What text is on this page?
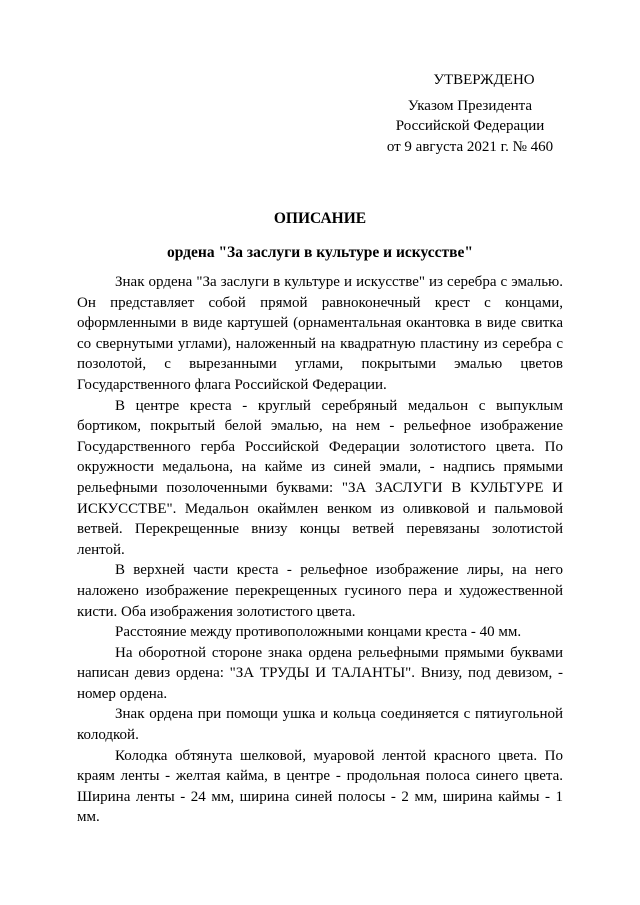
УТВЕРЖДЕНО
Указом Президента
Российской Федерации
от 9 августа 2021 г. № 460
ОПИСАНИЕ
ордена "За заслуги в культуре и искусстве"

Знак ордена "За заслуги в культуре и искусстве" из серебра с эмалью. Он представляет собой прямой равноконечный крест с концами, оформленными в виде картушей (орнаментальная окантовка в виде свитка со свернутыми углами), наложенный на квадратную пластину из серебра с позолотой, с вырезанными углами, покрытыми эмалью цветов Государственного флага Российской Федерации.

В центре креста - круглый серебряный медальон с выпуклым бортиком, покрытый белой эмалью, на нем - рельефное изображение Государственного герба Российской Федерации золотистого цвета. По окружности медальона, на кайме из синей эмали, - надпись прямыми рельефными позолоченными буквами: "ЗА ЗАСЛУГИ В КУЛЬТУРЕ И ИСКУССТВЕ". Медальон окаймлен венком из оливковой и пальмовой ветвей. Перекрещенные внизу концы ветвей перевязаны золотистой лентой.

В верхней части креста - рельефное изображение лиры, на него наложено изображение перекрещенных гусиного пера и художественной кисти. Оба изображения золотистого цвета.

Расстояние между противоположными концами креста - 40 мм.

На оборотной стороне знака ордена рельефными прямыми буквами написан девиз ордена: "ЗА ТРУДЫ И ТАЛАНТЫ". Внизу, под девизом, - номер ордена.

Знак ордена при помощи ушка и кольца соединяется с пятиугольной колодкой.

Колодка обтянута шелковой, муаровой лентой красного цвета. По краям ленты - желтая кайма, в центре - продольная полоса синего цвета. Ширина ленты - 24 мм, ширина синей полосы - 2 мм, ширина каймы - 1 мм.
